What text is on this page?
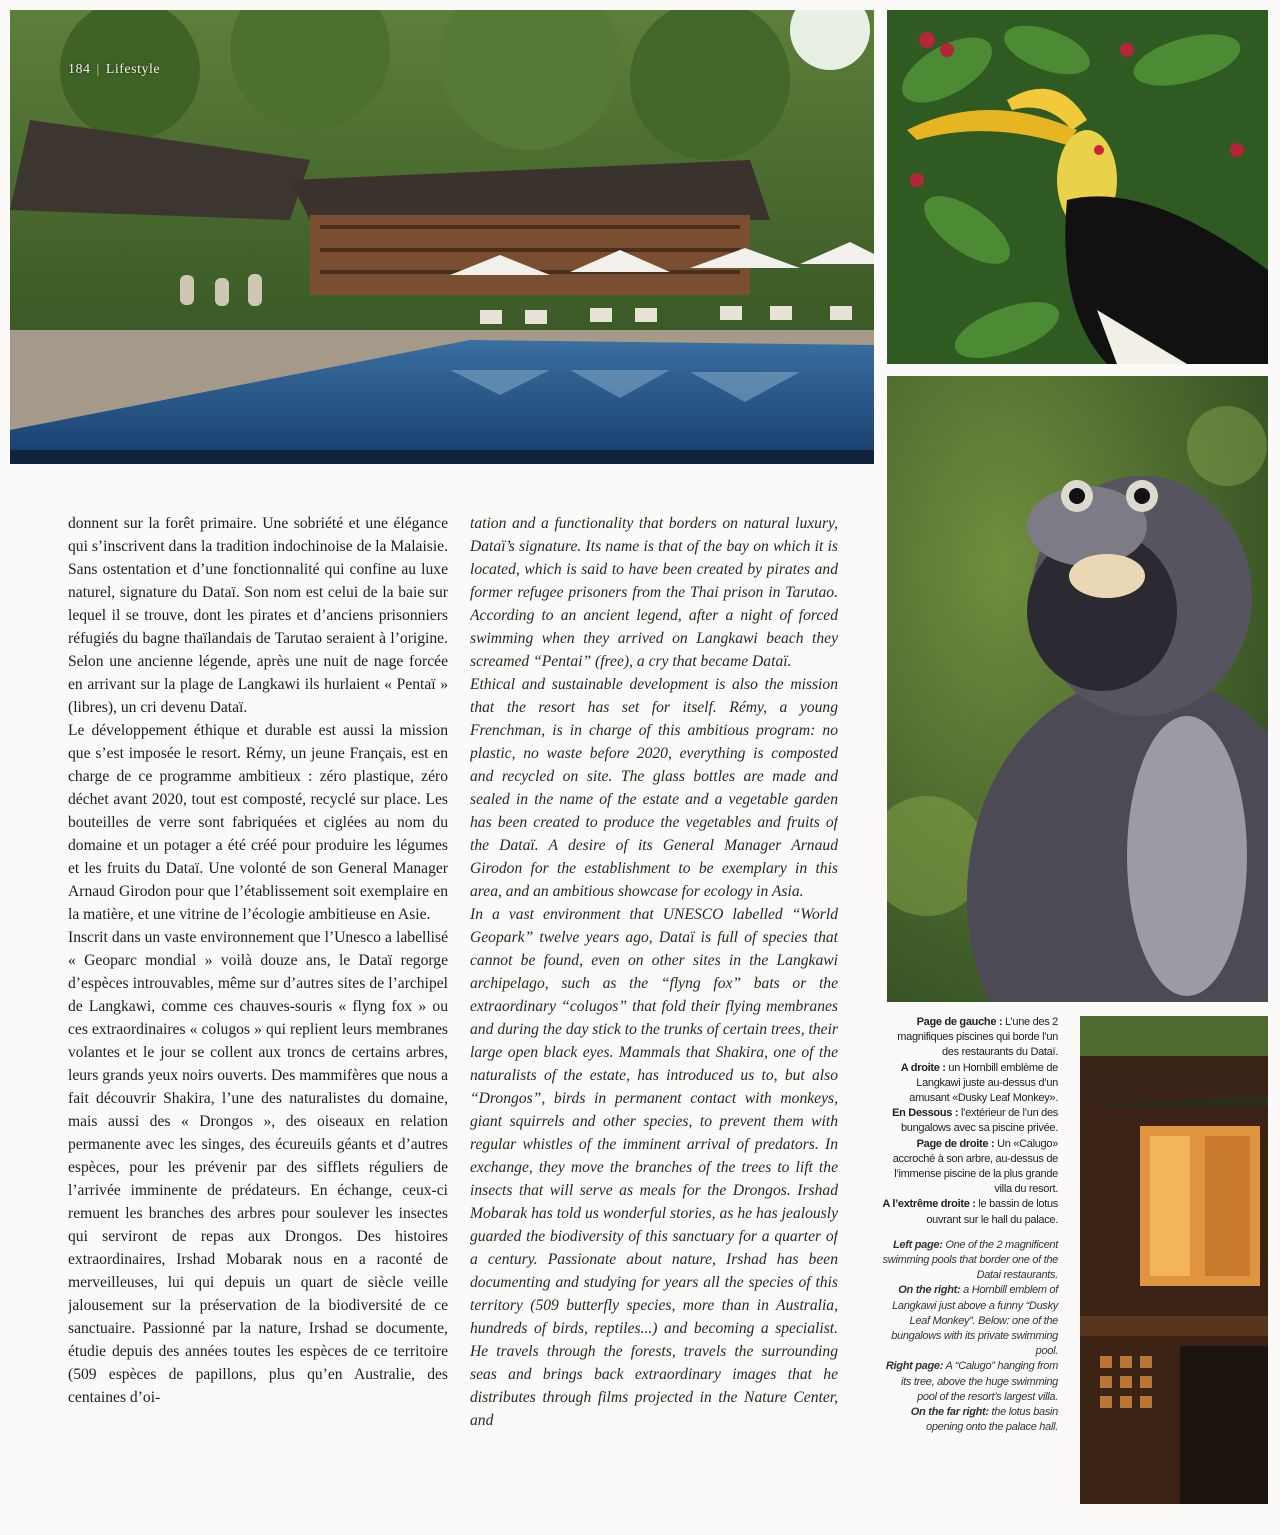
184 | Lifestyle

donnent sur la forêt primaire. Une sobriété et une élégance qui s’inscrivent dans la tradition indochinoise de la Malaisie. Sans ostentation et d’une fonctionnalité qui confine au luxe naturel, signature du Dataï. Son nom est celui de la baie sur lequel il se trouve, dont les pirates et d’anciens prisonniers réfugiés du bagne thaïlandais de Tarutao seraient à l’origine. Selon une ancienne légende, après une nuit de nage forcée en arrivant sur la plage de Langkawi ils hurlaient « Pentaï » (libres), un cri devenu Dataï.

Le développement éthique et durable est aussi la mission que s’est imposée le resort. Rémy, un jeune Français, est en charge de ce programme ambitieux : zéro plastique, zéro déchet avant 2020, tout est composté, recyclé sur place. Les bouteilles de verre sont fabriquées et ciglées au nom du domaine et un potager a été créé pour produire les légumes et les fruits du Dataï. Une volonté de son General Manager Arnaud Girodon pour que l’établissement soit exemplaire en la matière, et une vitrine de l’écologie ambitieuse en Asie.

Inscrit dans un vaste environnement que l’Unesco a labellisé « Geoparc mondial » voilà douze ans, le Dataï regorge d’espèces introuvables, même sur d’autres sites de l’archipel de Langkawi, comme ces chauves-souris « flyng fox » ou ces extraordinaires « colugos » qui replient leurs membranes volantes et le jour se collent aux troncs de certains arbres, leurs grands yeux noirs ouverts. Des mammifères que nous a fait découvrir Shakira, l’une des naturalistes du domaine, mais aussi des « Drongos », des oiseaux en relation permanente avec les singes, des écureuils géants et d’autres espèces, pour les prévenir par des sifflets réguliers de l’arrivée imminente de prédateurs. En échange, ceux-ci remuent les branches des arbres pour soulever les insectes qui serviront de repas aux Drongos. Des histoires extraordinaires, Irshad Mobarak nous en a raconté de merveilleuses, lui qui depuis un quart de siècle veille jalousement sur la préservation de la biodiversité de ce sanctuaire. Passionné par la nature, Irshad se documente, étudie depuis des années toutes les espèces de ce territoire (509 espèces de papillons, plus qu’en Australie, des centaines d’oi-

tation and a functionality that borders on natural luxury, Dataï’s signature. Its name is that of the bay on which it is located, which is said to have been created by pirates and former refugee prisoners from the Thai prison in Tarutao. According to an ancient legend, after a night of forced swimming when they arrived on Langkawi beach they screamed “Pentai” (free), a cry that became Dataï.

Ethical and sustainable development is also the mission that the resort has set for itself. Rémy, a young Frenchman, is in charge of this ambitious program: no plastic, no waste before 2020, everything is composted and recycled on site. The glass bottles are made and sealed in the name of the estate and a vegetable garden has been created to produce the vegetables and fruits of the Dataï. A desire of its General Manager Arnaud Girodon for the establishment to be exemplary in this area, and an ambitious showcase for ecology in Asia.

In a vast environment that UNESCO labelled “World Geopark” twelve years ago, Dataï is full of species that cannot be found, even on other sites in the Langkawi archipelago, such as the “flyng fox” bats or the extraordinary “colugos” that fold their flying membranes and during the day stick to the trunks of certain trees, their large open black eyes. Mammals that Shakira, one of the naturalists of the estate, has introduced us to, but also “Drongos”, birds in permanent contact with monkeys, giant squirrels and other species, to prevent them with regular whistles of the imminent arrival of predators. In exchange, they move the branches of the trees to lift the insects that will serve as meals for the Drongos. Irshad Mobarak has told us wonderful stories, as he has jealously guarded the biodiversity of this sanctuary for a quarter of a century. Passionate about nature, Irshad has been documenting and studying for years all the species of this territory (509 butterfly species, more than in Australia, hundreds of birds, reptiles...) and becoming a specialist. He travels through the forests, travels the surrounding seas and brings back extraordinary images that he distributes through films projected in the Nature Center, and

Page de gauche : L’une des 2 magnifiques piscines qui borde l’un des restaurants du Dataï.

A droite : un Hornbill emblème de Langkawi juste au-dessus d’un amusant «Dusky Leaf Monkey».

En Dessous : l’extérieur de l’un des bungalows avec sa piscine privée.

Page de droite : Un «Calugo» accroché à son arbre, au-dessus de l’immense piscine de la plus grande villa du resort.

A l’extrême droite : le bassin de lotus ouvrant sur le hall du palace.

Left page: One of the 2 magnificent swimming pools that border one of the Datai restaurants.

On the right: a Hornbill emblem of Langkawi just above a funny “Dusky Leaf Monkey”. Below: one of the bungalows with its private swimming pool.

Right page: A “Calugo” hanging from its tree, above the huge swimming pool of the resort’s largest villa.

On the far right: the lotus basin opening onto the palace hall.
